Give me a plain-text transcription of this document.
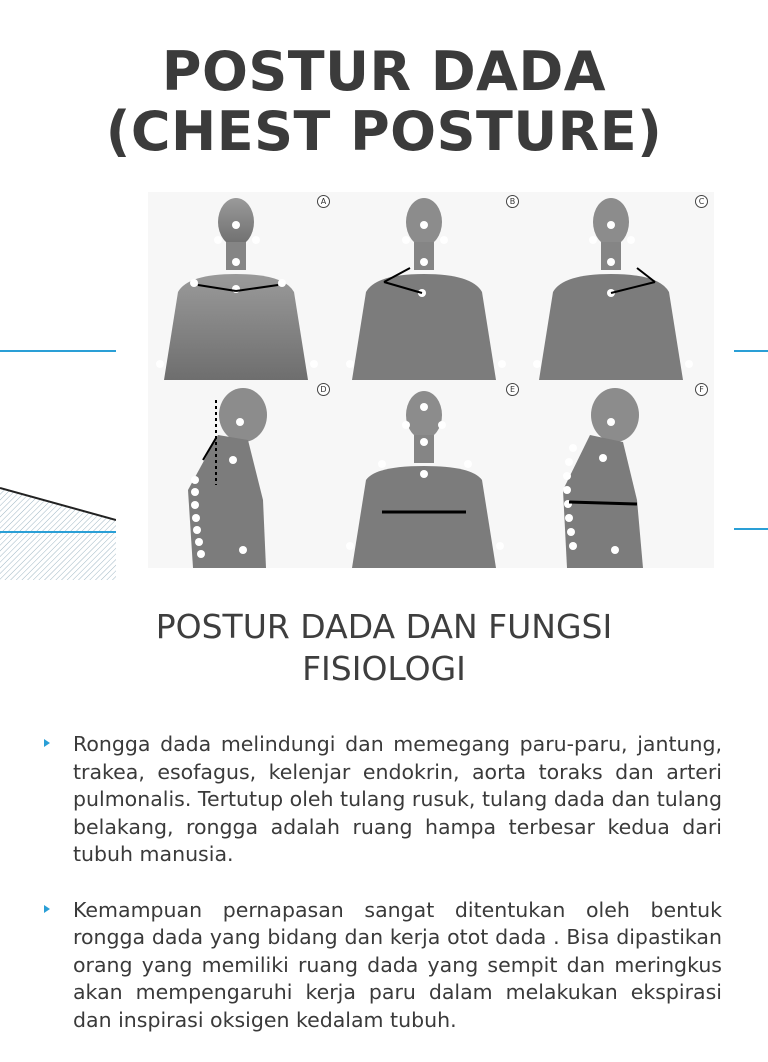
POSTUR DADA
(CHEST POSTURE)
A	B	C
D	E	F
POSTUR DADA DAN FUNGSI
FISIOLOGI
Rongga dada melindungi dan memegang paru-paru, jantung, trakea, esofagus, kelenjar endokrin, aorta toraks dan arteri pulmonalis. Tertutup oleh tulang rusuk, tulang dada dan tulang belakang, rongga adalah ruang hampa terbesar kedua dari tubuh manusia.
Kemampuan pernapasan sangat ditentukan oleh bentuk rongga dada yang bidang dan kerja otot dada . Bisa dipastikan orang yang memiliki ruang dada yang sempit dan meringkus akan mempengaruhi kerja paru dalam melakukan ekspirasi dan inspirasi oksigen kedalam tubuh.
